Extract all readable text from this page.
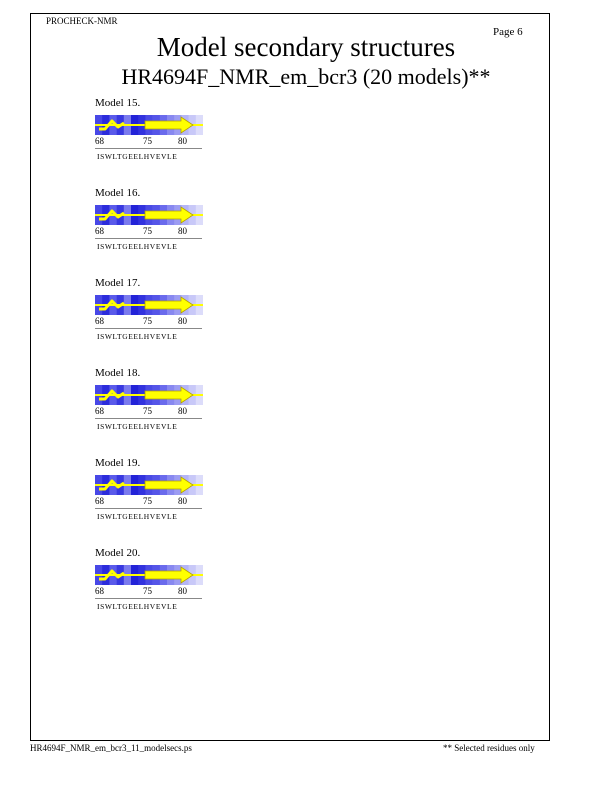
PROCHECK-NMR
Page 6
Model secondary structures
HR4694F_NMR_em_bcr3 (20 models)**
Model 15.
68	75	80
ISWLTGEELHVEVLE
Model 16.
68	75	80
ISWLTGEELHVEVLE
Model 17.
68	75	80
ISWLTGEELHVEVLE
Model 18.
68	75	80
ISWLTGEELHVEVLE
Model 19.
68	75	80
ISWLTGEELHVEVLE
Model 20.
68	75	80
ISWLTGEELHVEVLE
HR4694F_NMR_em_bcr3_11_modelsecs.ps	** Selected residues only
